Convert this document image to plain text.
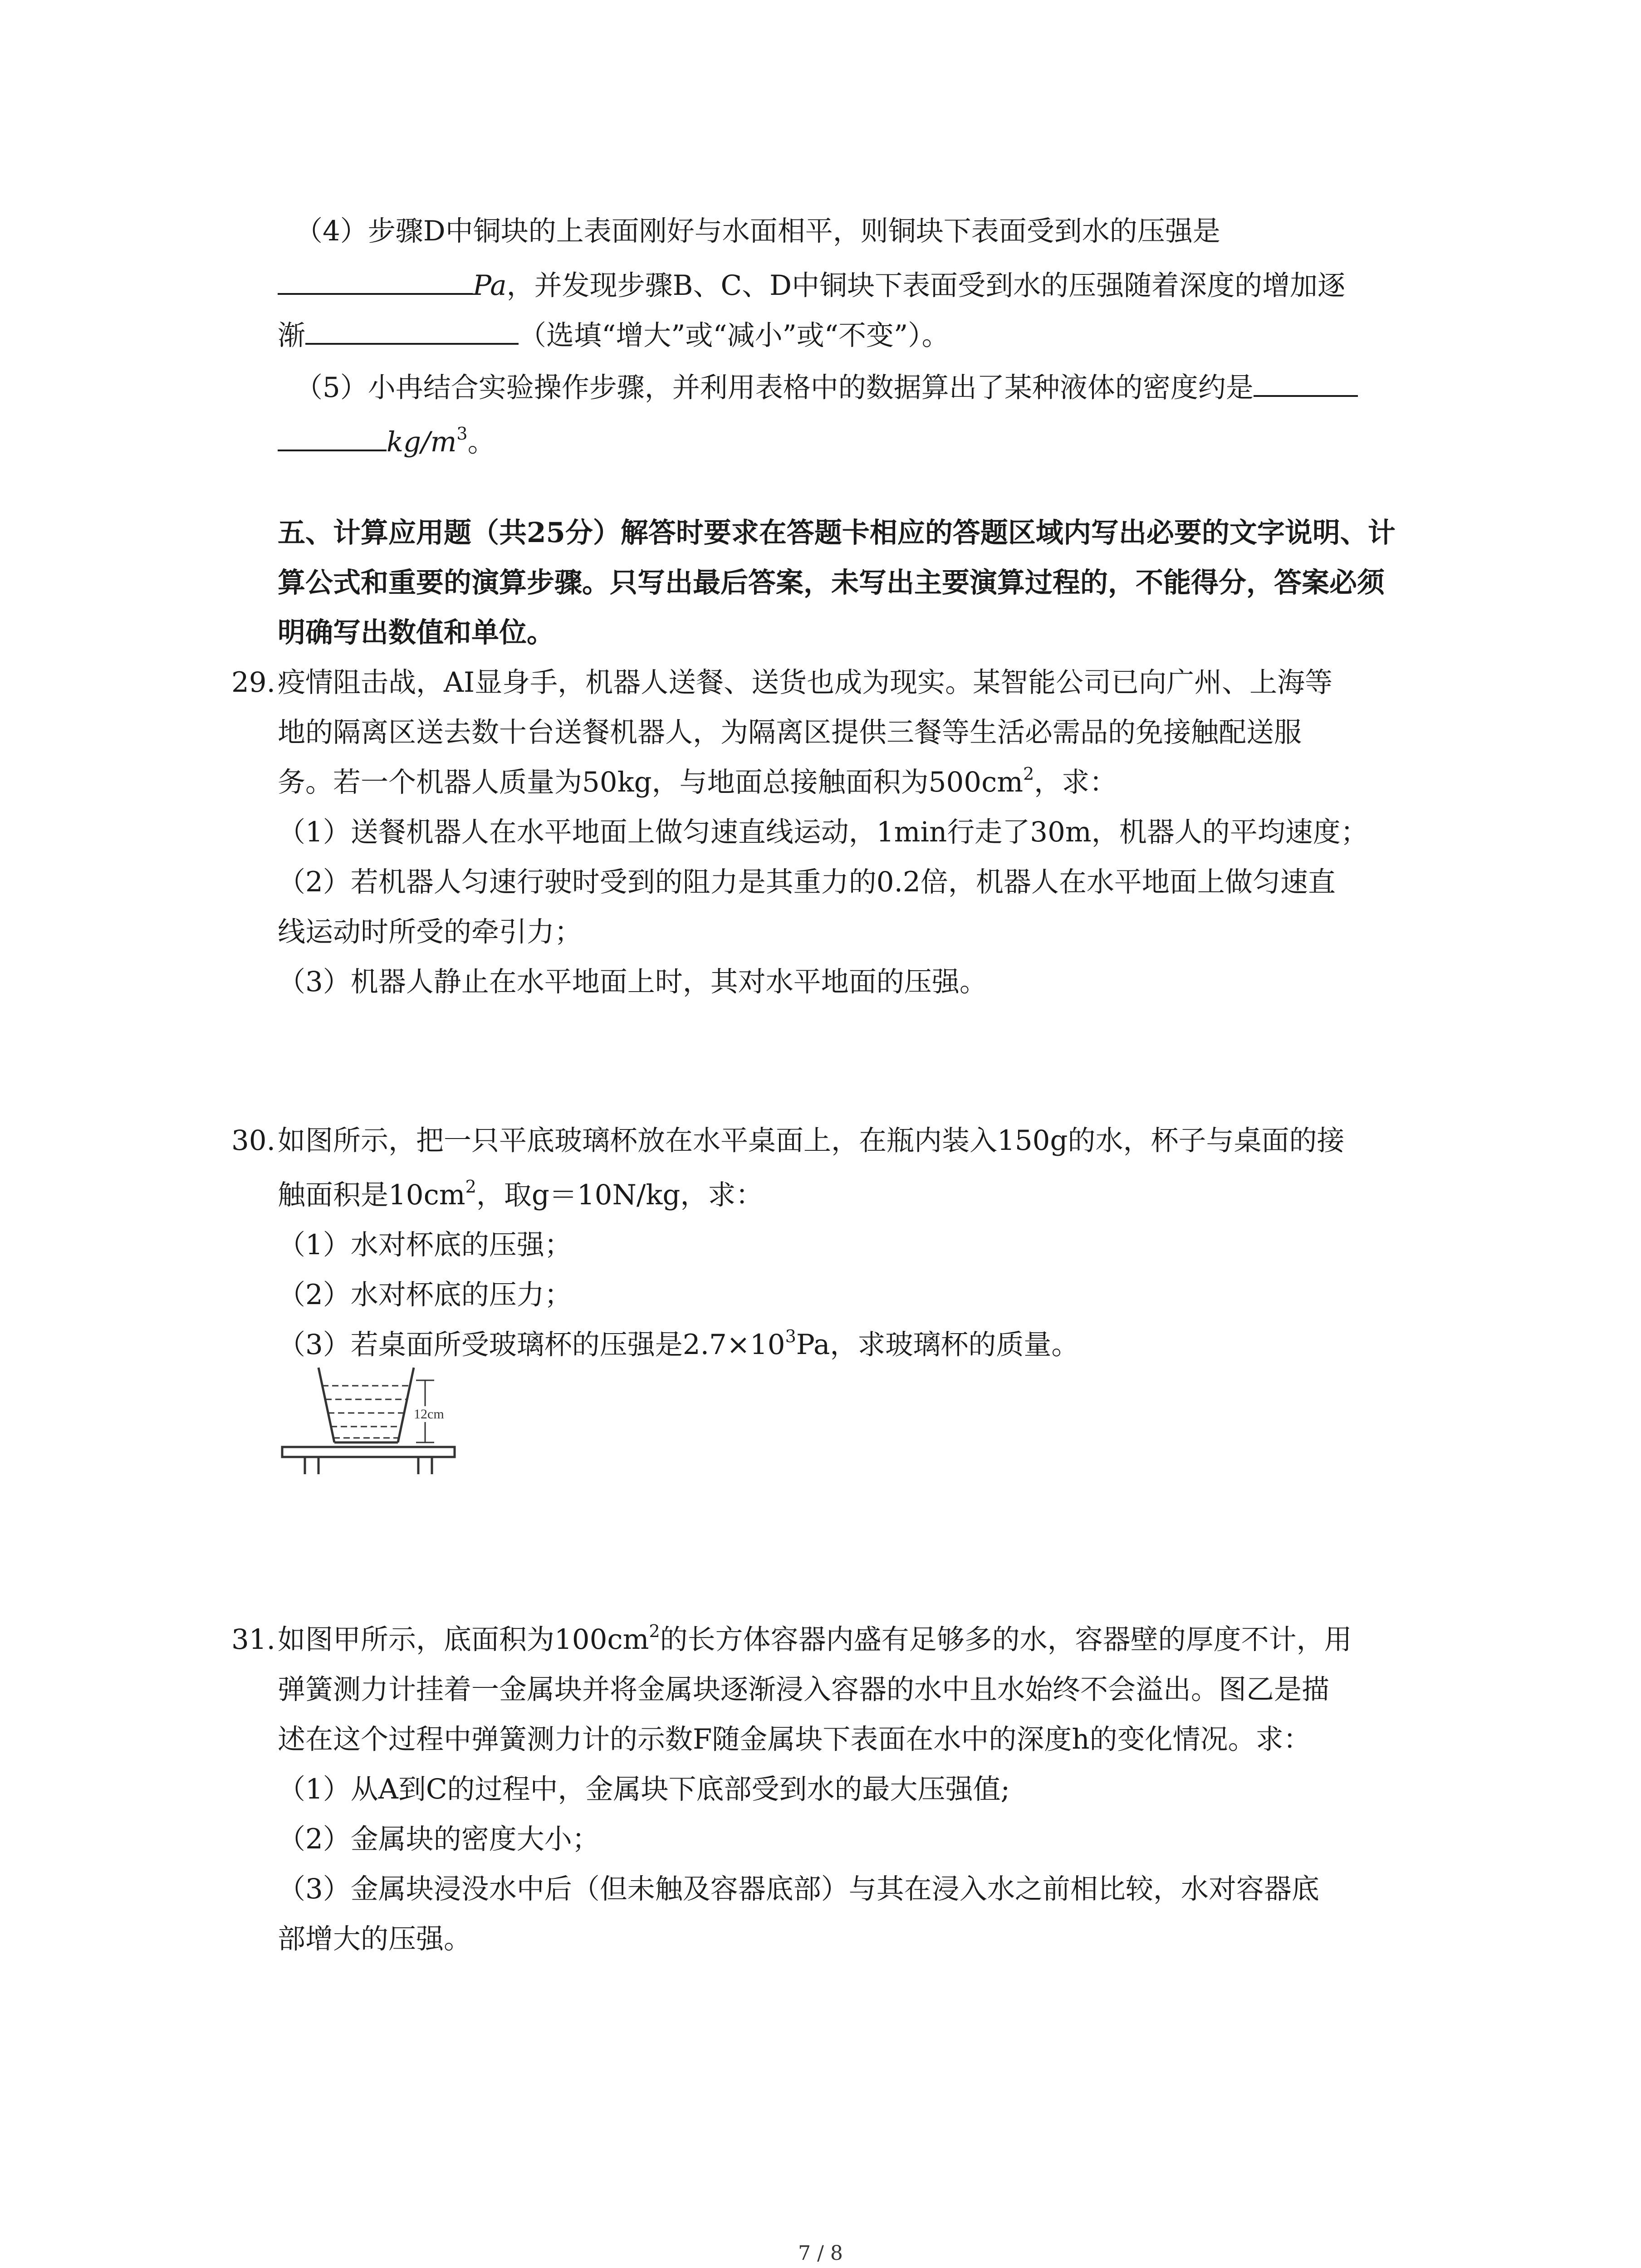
（4）步骤D中铜块的上表面刚好与水面相平，则铜块下表面受到水的压强是
Pa，并发现步骤B、C、D中铜块下表面受到水的压强随着深度的增加逐
渐	（选填“增大”或“减小”或“不变”）。
（5）小冉结合实验操作步骤，并利用表格中的数据算出了某种液体的密度约是
$kg/m^3$。
五、计算应用题（共25分）解答时要求在答题卡相应的答题区域内写出必要的文字说明、计
算公式和重要的演算步骤。只写出最后答案，未写出主要演算过程的，不能得分，答案必须
明确写出数值和单位。
29. 疫情阻击战，AI显身手，机器人送餐、送货也成为现实。某智能公司已向广州、上海等
地的隔离区送去数十台送餐机器人，为隔离区提供三餐等生活必需品的免接触配送服
务。若一个机器人质量为50kg，与地面总接触面积为$500cm^2$，求：
（1）送餐机器人在水平地面上做匀速直线运动，1min行走了30m，机器人的平均速度；
（2）若机器人匀速行驶时受到的阻力是其重力的0.2倍，机器人在水平地面上做匀速直
线运动时所受的牵引力；
（3）机器人静止在水平地面上时，其对水平地面的压强。
30. 如图所示，把一只平底玻璃杯放在水平桌面上，在瓶内装入150g的水，杯子与桌面的接
触面积是$10cm^2$，取g＝10N/kg，求：
（1）水对杯底的压强；
（2）水对杯底的压力；
（3）若桌面所受玻璃杯的压强是$2.7\times 10^3Pa$，求玻璃杯的质量。
12cm
31. 如图甲所示，底面积为$100cm^2$的长方体容器内盛有足够多的水，容器壁的厚度不计，用
弹簧测力计挂着一金属块并将金属块逐渐浸入容器的水中且水始终不会溢出。图乙是描
述在这个过程中弹簧测力计的示数F随金属块下表面在水中的深度h的变化情况。求：
（1）从A到C的过程中，金属块下底部受到水的最大压强值;
（2）金属块的密度大小；
（3）金属块浸没水中后（但未触及容器底部）与其在浸入水之前相比较，水对容器底
部增大的压强。
7 / 8
